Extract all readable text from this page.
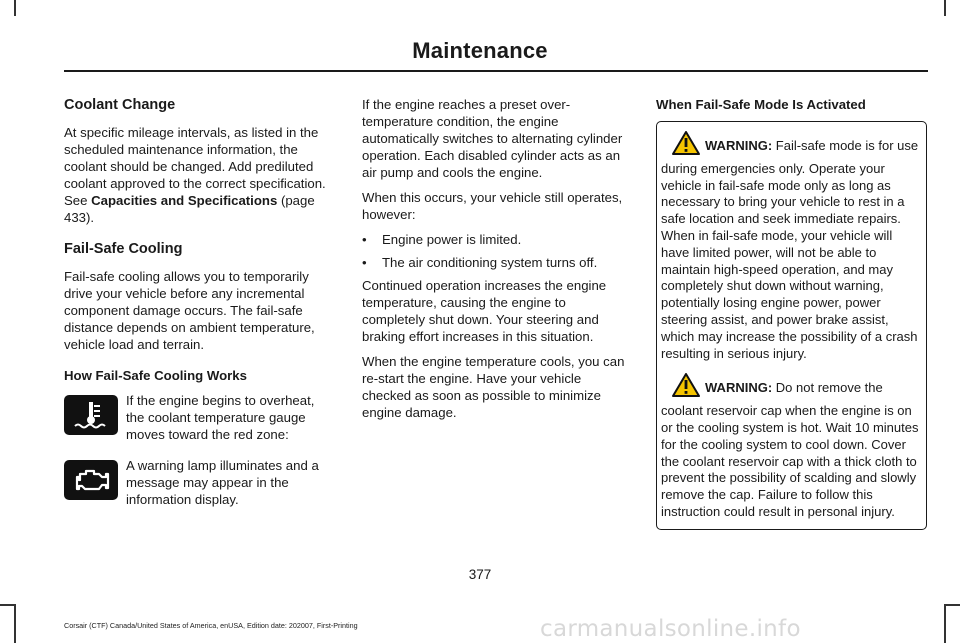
Maintenance
Coolant Change

At specific mileage intervals, as listed in the scheduled maintenance information, the coolant should be changed. Add prediluted coolant approved to the correct specification. See Capacities and Specifications (page 433).

Fail-Safe Cooling

Fail-safe cooling allows you to temporarily drive your vehicle before any incremental component damage occurs. The fail-safe distance depends on ambient temperature, vehicle load and terrain.

How Fail-Safe Cooling Works
If the engine begins to overheat, the coolant temperature gauge moves toward the red zone:
A warning lamp illuminates and a message may appear in the information display.

If the engine reaches a preset over-temperature condition, the engine automatically switches to alternating cylinder operation. Each disabled cylinder acts as an air pump and cools the engine.

When this occurs, your vehicle still operates, however:

•	Engine power is limited.
•	The air conditioning system turns off.

Continued operation increases the engine temperature, causing the engine to completely shut down. Your steering and braking effort increases in this situation.

When the engine temperature cools, you can re-start the engine. Have your vehicle checked as soon as possible to minimize engine damage.

When Fail-Safe Mode Is Activated

WARNING: Fail-safe mode is for use during emergencies only. Operate your vehicle in fail-safe mode only as long as necessary to bring your vehicle to rest in a safe location and seek immediate repairs. When in fail-safe mode, your vehicle will have limited power, will not be able to maintain high-speed operation, and may completely shut down without warning, potentially losing engine power, power steering assist, and power brake assist, which may increase the possibility of a crash resulting in serious injury.

WARNING: Do not remove the coolant reservoir cap when the engine is on or the cooling system is hot. Wait 10 minutes for the cooling system to cool down. Cover the coolant reservoir cap with a thick cloth to prevent the possibility of scalding and slowly remove the cap. Failure to follow this instruction could result in personal injury.

377
Corsair (CTF) Canada/United States of America, enUSA, Edition date: 202007, First-Printing	carmanualsonline.info
